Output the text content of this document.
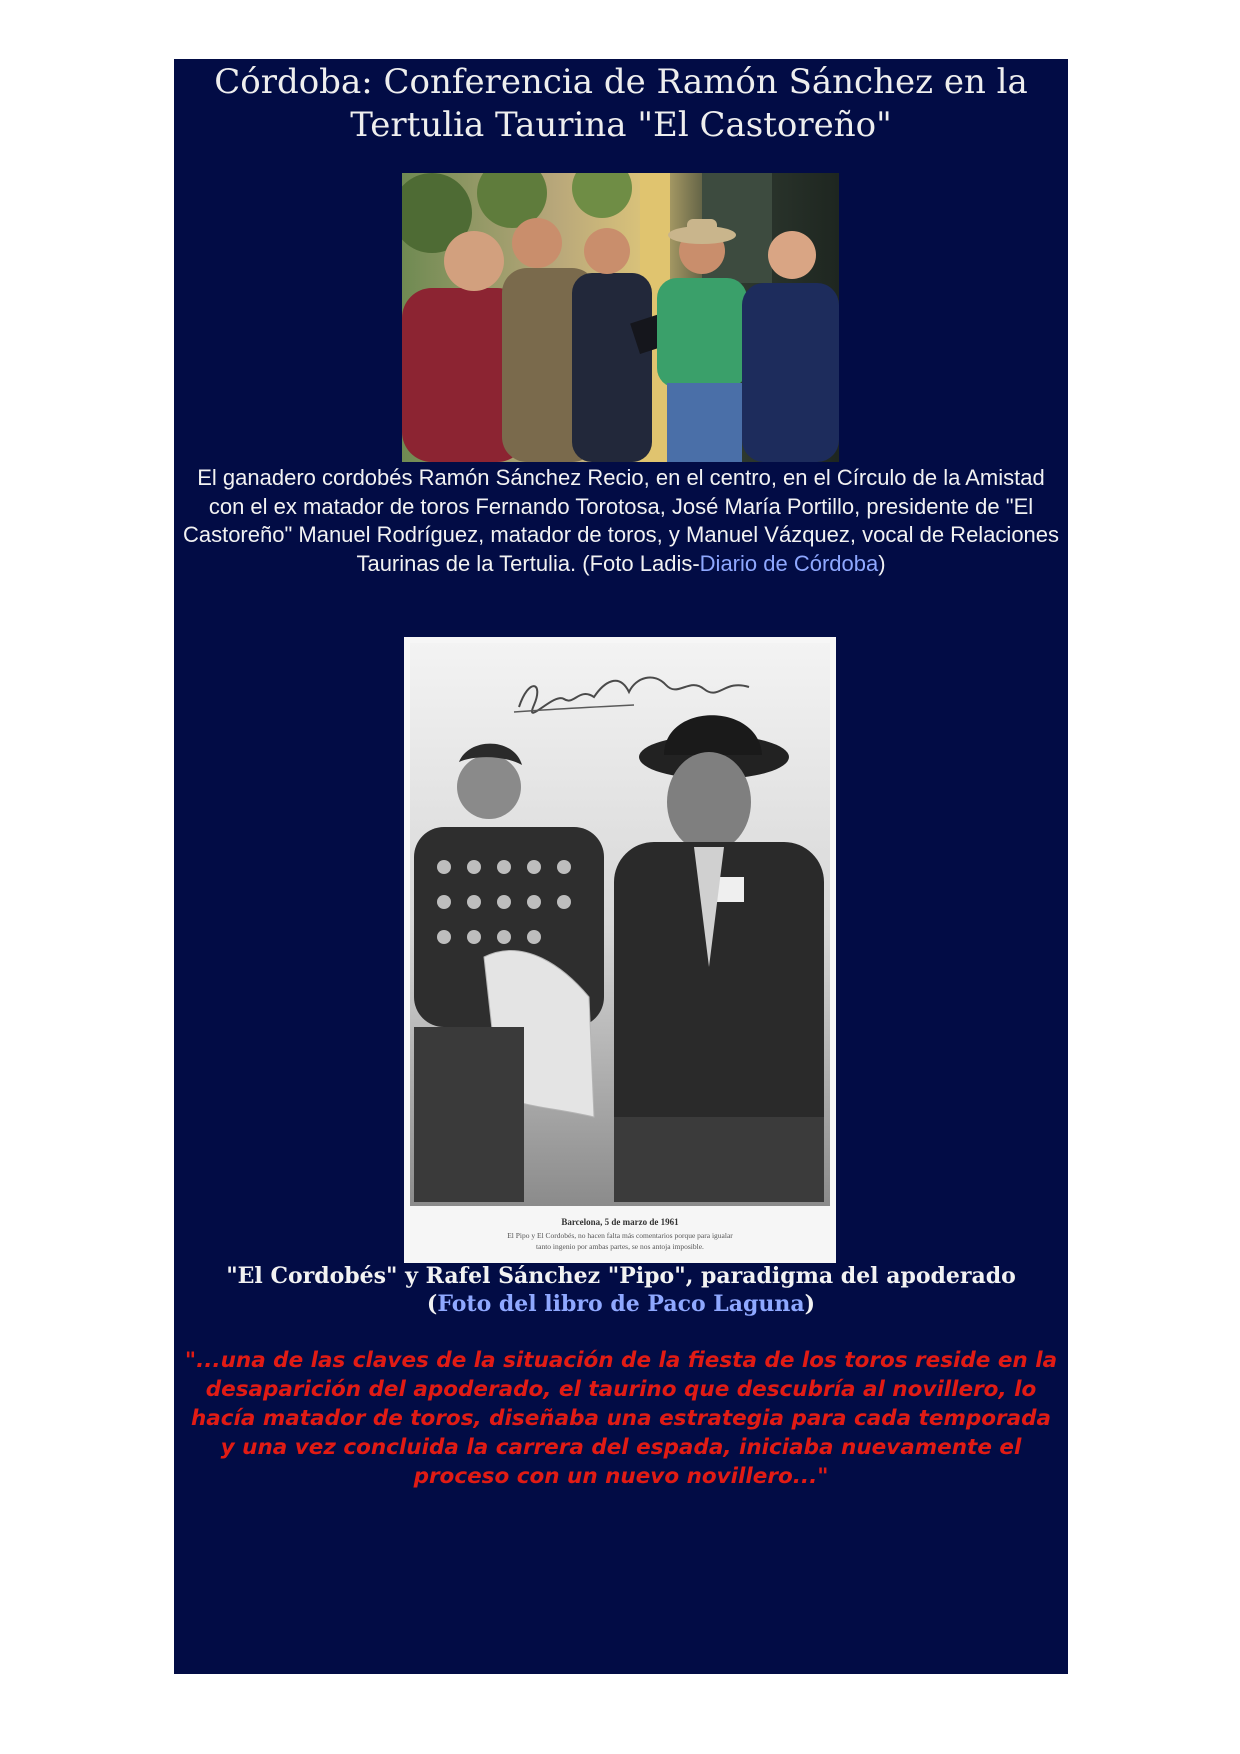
Córdoba: Conferencia de Ramón Sánchez en la Tertulia Taurina "El Castoreño"

El ganadero cordobés Ramón Sánchez Recio, en el centro, en el Círculo de la Amistad con el ex matador de toros Fernando Torotosa, José María Portillo, presidente de "El Castoreño" Manuel Rodríguez, matador de toros, y Manuel Vázquez, vocal de Relaciones Taurinas de la Tertulia. (Foto Ladis-Diario de Córdoba)

Barcelona, 5 de marzo de 1961
El Pipo y El Cordobés, no hacen falta más comentarios porque para igualar
tanto ingenio por ambas partes, se nos antoja imposible.

"El Cordobés" y Rafel Sánchez "Pipo", paradigma del apoderado
(Foto del libro de Paco Laguna)

"...una de las claves de la situación de la fiesta de los toros reside en la desaparición del apoderado, el taurino que descubría al novillero, lo hacía matador de toros, diseñaba una estrategia para cada temporada y una vez concluida la carrera del espada, iniciaba nuevamente el proceso con un nuevo novillero..."
